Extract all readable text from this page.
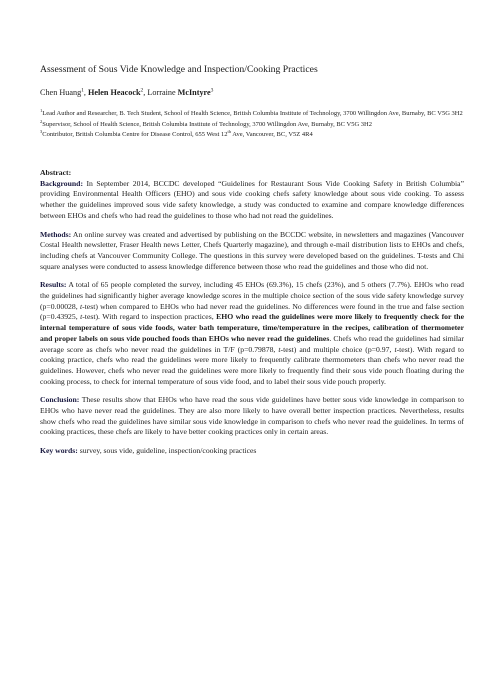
Assessment of Sous Vide Knowledge and Inspection/Cooking Practices
Chen Huang$^1$, Helen Heacock$^2$, Lorraine McIntyre$^3$

$^1$Lead Author and Researcher, B. Tech Student, School of Health Science, British Columbia Institute of Technology, 3700 Willingdon Ave, Burnaby, BC V5G 3H2

$^2$Supervisor, School of Health Science, British Columbia Institute of Technology, 3700 Willingdon Ave, Burnaby, BC V5G 3H2

$^3$Contributor, British Columbia Centre for Disease Control, 655 West 12th Ave, Vancouver, BC, V5Z 4R4

Abstract:

Background: In September 2014, BCCDC developed “Guidelines for Restaurant Sous Vide Cooking Safety in British Columbia” providing Environmental Health Officers (EHO) and sous vide cooking chefs safety knowledge about sous vide cooking. To assess whether the guidelines improved sous vide safety knowledge, a study was conducted to examine and compare knowledge differences between EHOs and chefs who had read the guidelines to those who had not read the guidelines.

Methods: An online survey was created and advertised by publishing on the BCCDC website, in newsletters and magazines (Vancouver Costal Health newsletter, Fraser Health news Letter, Chefs Quarterly magazine), and through e-mail distribution lists to EHOs and chefs, including chefs at Vancouver Community College. The questions in this survey were developed based on the guidelines. T-tests and Chi square analyses were conducted to assess knowledge difference between those who read the guidelines and those who did not.

Results: A total of 65 people completed the survey, including 45 EHOs (69.3%), 15 chefs (23%), and 5 others (7.7%). EHOs who read the guidelines had significantly higher average knowledge scores in the multiple choice section of the sous vide safety knowledge survey (p=0.00028, t-test) when compared to EHOs who had never read the guidelines. No differences were found in the true and false section (p=0.43925, t-test). With regard to inspection practices, EHO who read the guidelines were more likely to frequently check for the internal temperature of sous vide foods, water bath temperature, time/temperature in the recipes, calibration of thermometer and proper labels on sous vide pouched foods than EHOs who never read the guidelines. Chefs who read the guidelines had similar average score as chefs who never read the guidelines in T/F (p=0.79878, t-test) and multiple choice (p=0.97, t-test). With regard to cooking practice, chefs who read the guidelines were more likely to frequently calibrate thermometers than chefs who never read the guidelines. However, chefs who never read the guidelines were more likely to frequently find their sous vide pouch floating during the cooking process, to check for internal temperature of sous vide food, and to label their sous vide pouch properly.

Conclusion: These results show that EHOs who have read the sous vide guidelines have better sous vide knowledge in comparison to EHOs who have never read the guidelines. They are also more likely to have overall better inspection practices. Nevertheless, results show chefs who read the guidelines have similar sous vide knowledge in comparison to chefs who never read the guidelines. In terms of cooking practices, these chefs are likely to have better cooking practices only in certain areas.

Key words: survey, sous vide, guideline, inspection/cooking practices
